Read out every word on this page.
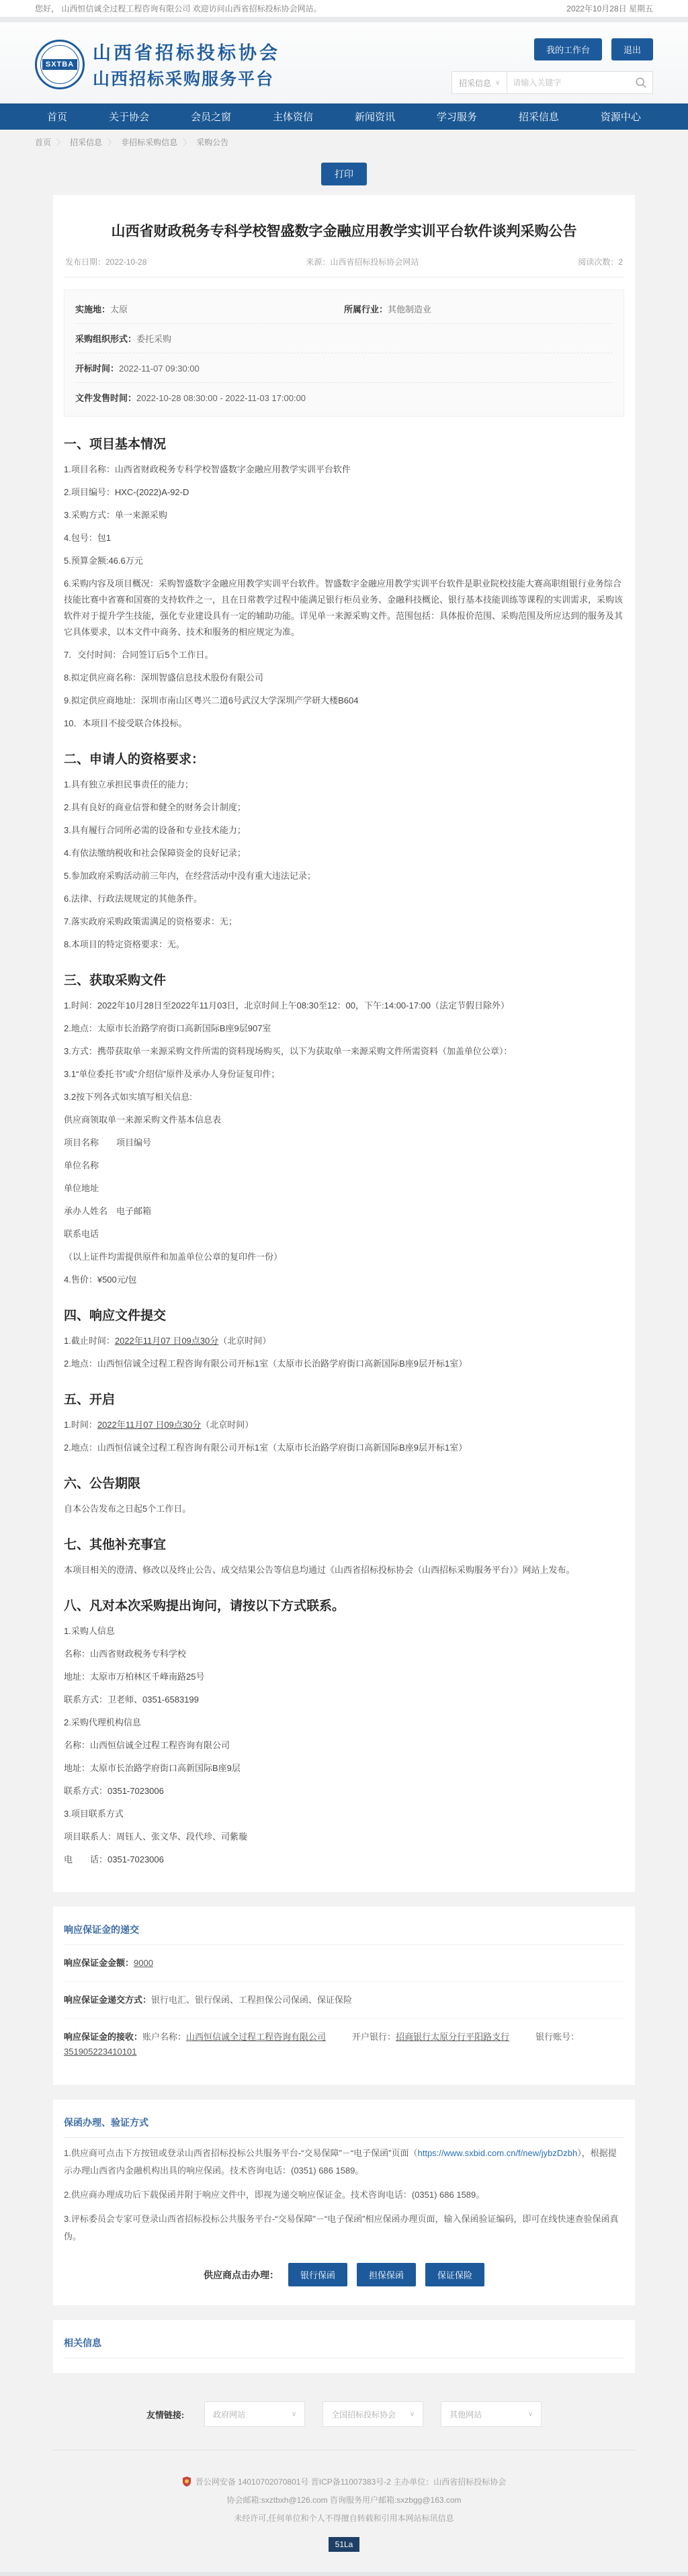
您好， 山西恒信诚全过程工程咨询有限公司 欢迎访问山西省招标投标协会网站。	2022年10月28日 星期五
SXTBA
山西省招标投标协会
山西招标采购服务平台
我的工作台	退出
招采信息 ∨
请输入关键字
首页	关于协会	会员之窗	主体资信	新闻资讯	学习服务	招采信息	资源中心
首页 〉 招采信息 〉 非招标采购信息 〉 采购公告
打印
山西省财政税务专科学校智盛数字金融应用教学实训平台软件谈判采购公告
发布日期：2022-10-28	来源：山西省招标投标协会网站	阅读次数：2
实施地：太原	所属行业：其他制造业
采购组织形式：委托采购
开标时间：2022-11-07 09:30:00
文件发售时间：2022-10-28 08:30:00 - 2022-11-03 17:00:00
一、项目基本情况
1.项目名称：山西省财政税务专科学校智盛数字金融应用教学实训平台软件
2.项目编号：HXC-(2022)A-92-D
3.采购方式：单一来源采购
4.包号：包1
5.预算金额:46.6万元
6.采购内容及项目概况：采购智盛数字金融应用教学实训平台软件。智盛数字金融应用教学实训平台软件是职业院校技能大赛高职组银行业务综合技能比赛中省赛和国赛的支持软件之一，且在日常教学过程中能满足银行柜员业务、金融科技概论、银行基本技能训练等课程的实训需求，采购该软件对于提升学生技能，强化专业建设具有一定的辅助功能。详见单一来源采购文件。范围包括：具体报价范围、采购范围及所应达到的服务及其它具体要求，以本文件中商务、技术和服务的相应规定为准。
7．交付时间：合同签订后5个工作日。
8.拟定供应商名称：深圳智盛信息技术股份有限公司
9.拟定供应商地址：深圳市南山区粤兴二道6号武汉大学深圳产学研大楼B604
10．本项目不接受联合体投标。
二、申请人的资格要求：
1.具有独立承担民事责任的能力；
2.具有良好的商业信誉和健全的财务会计制度；
3.具有履行合同所必需的设备和专业技术能力；
4.有依法缴纳税收和社会保障资金的良好记录；
5.参加政府采购活动前三年内，在经营活动中没有重大违法记录；
6.法律、行政法规规定的其他条件。
7.落实政府采购政策需满足的资格要求：无；
8.本项目的特定资格要求：无。
三、获取采购文件
1.时间：2022年10月28日至2022年11月03日，北京时间上午08:30至12：00，下午:14:00-17:00（法定节假日除外）
2.地点：太原市长治路学府街口高新国际B座9层907室
3.方式：携带获取单一来源采购文件所需的资料现场购买，以下为获取单一来源采购文件所需资料（加盖单位公章）：
3.1“单位委托书”或“介绍信”原件及承办人身份证复印件；
3.2按下列各式如实填写相关信息:
供应商领取单一来源采购文件基本信息表
项目名称　　项目编号
单位名称
单位地址
承办人姓名　电子邮箱
联系电话
（以上证件均需提供原件和加盖单位公章的复印件一份）
4.售价：¥500元/包
四、响应文件提交
1.截止时间：2022年11月07 日09点30分（北京时间）
2.地点：山西恒信诚全过程工程咨询有限公司开标1室（太原市长治路学府街口高新国际B座9层开标1室）
五、开启
1.时间：2022年11月07 日09点30分（北京时间）
2.地点：山西恒信诚全过程工程咨询有限公司开标1室（太原市长治路学府街口高新国际B座9层开标1室）
六、公告期限
自本公告发布之日起5个工作日。
七、其他补充事宜
本项目相关的澄清、修改以及终止公告、成交结果公告等信息均通过《山西省招标投标协会（山西招标采购服务平台）》网站上发布。
八、凡对本次采购提出询问，请按以下方式联系。
1.采购人信息
名称：山西省财政税务专科学校
地址：太原市万柏林区千峰南路25号
联系方式：卫老师、0351-6583199
2.采购代理机构信息
名称：山西恒信诚全过程工程咨询有限公司
地址：太原市长治路学府街口高新国际B座9层
联系方式：0351-7023006
3.项目联系方式
项目联系人：周钰人、张文华、段代珍、司紫璇
电　　话：0351-7023006
响应保证金的递交
响应保证金金额：9000
响应保证金递交方式：银行电汇、银行保函、工程担保公司保函、保证保险
响应保证金的接收：账户名称：山西恒信诚全过程工程咨询有限公司　　　开户银行：招商银行太原分行平阳路支行　　　银行账号：351905223410101
保函办理、验证方式
1.供应商可点击下方按钮或登录山西省招标投标公共服务平台-“交易保障”－“电子保函”页面（https://www.sxbid.com.cn/f/new/jybzDzbh），根据提示办理山西省内金融机构出具的响应保函。技术咨询电话：(0351) 686 1589。
2.供应商办理成功后下载保函并附于响应文件中，即视为递交响应保证金。技术咨询电话：(0351) 686 1589。
3.评标委员会专家可登录山西省招标投标公共服务平台-“交易保障”－“电子保函”相应保函办理页面，输入保函验证编码，即可在线快速查验保函真伪。
供应商点击办理： 银行保函	担保保函	保证保险
相关信息
友情链接:	政府网站	∨	全国招标投标协会 ∨	其他网站	∨
晋公网安备 14010702070801号 晋ICP备11007383号-2 主办单位：山西省招标投标协会
协会邮箱:sxztbxh@126.com 咨询服务用户邮箱:sxzbgg@163.com
未经许可,任何单位和个人不得擅自转载和引用本网站标讯信息
51La
